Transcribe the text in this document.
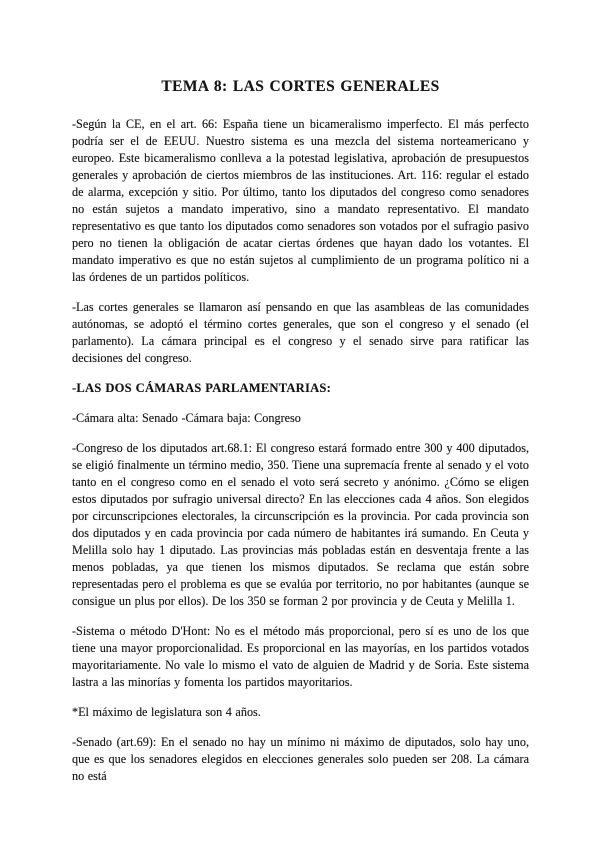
TEMA 8: LAS CORTES GENERALES

-Según la CE, en el art. 66: España tiene un bicameralismo imperfecto. El más perfecto podría ser el de EEUU. Nuestro sistema es una mezcla del sistema norteamericano y europeo. Este bicameralismo conlleva a la potestad legislativa, aprobación de presupuestos generales y aprobación de ciertos miembros de las instituciones. Art. 116: regular el estado de alarma, excepción y sitio. Por último, tanto los diputados del congreso como senadores no están sujetos a mandato imperativo, sino a mandato representativo. El mandato representativo es que tanto los diputados como senadores son votados por el sufragio pasivo pero no tienen la obligación de acatar ciertas órdenes que hayan dado los votantes. El mandato imperativo es que no están sujetos al cumplimiento de un programa político ni a las órdenes de un partidos políticos.

-Las cortes generales se llamaron así pensando en que las asambleas de las comunidades autónomas, se adoptó el término cortes generales, que son el congreso y el senado (el parlamento). La cámara principal es el congreso y el senado sirve para ratificar las decisiones del congreso.

-LAS DOS CÁMARAS PARLAMENTARIAS:

-Cámara alta: Senado -Cámara baja: Congreso

-Congreso de los diputados art.68.1: El congreso estará formado entre 300 y 400 diputados, se eligió finalmente un término medio, 350. Tiene una supremacía frente al senado y el voto tanto en el congreso como en el senado el voto será secreto y anónimo. ¿Cómo se eligen estos diputados por sufragio universal directo? En las elecciones cada 4 años. Son elegidos por circunscripciones electorales, la circunscripción es la provincia. Por cada provincia son dos diputados y en cada provincia por cada número de habitantes irá sumando. En Ceuta y Melilla solo hay 1 diputado. Las provincias más pobladas están en desventaja frente a las menos pobladas, ya que tienen los mismos diputados. Se reclama que están sobre representadas pero el problema es que se evalúa por territorio, no por habitantes (aunque se consigue un plus por ellos). De los 350 se forman 2 por provincia y de Ceuta y Melilla 1.

-Sistema o método D'Hont: No es el método más proporcional, pero sí es uno de los que tiene una mayor proporcionalidad. Es proporcional en las mayorías, en los partidos votados mayoritariamente. No vale lo mismo el vato de alguien de Madrid y de Soria. Este sistema lastra a las minorías y fomenta los partidos mayoritarios.

*El máximo de legislatura son 4 años.

-Senado (art.69): En el senado no hay un mínimo ni máximo de diputados, solo hay uno, que es que los senadores elegidos en elecciones generales solo pueden ser 208. La cámara no está
